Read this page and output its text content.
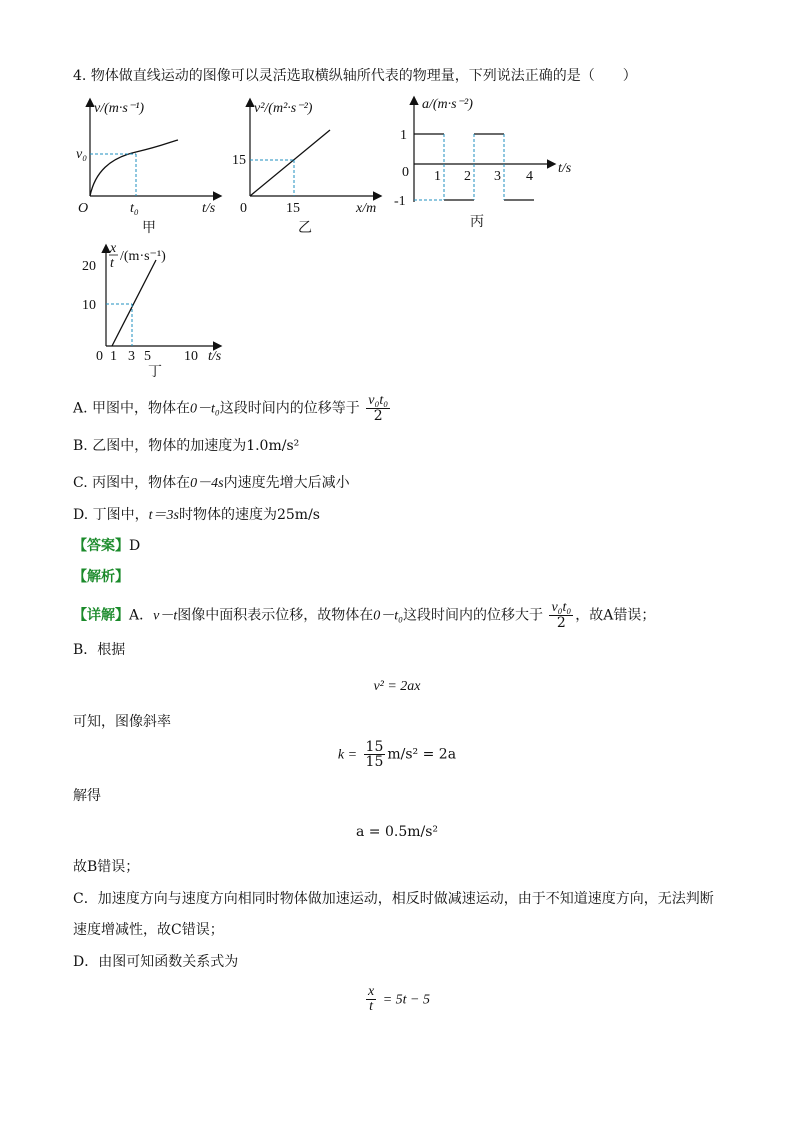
4. 物体做直线运动的图像可以灵活选取横纵轴所代表的物理量，下列说法正确的是（　　）
v/(m·s⁻¹)
v₀
O	t₀	t/s
甲
v²/(m²·s⁻²)
15
0	15	x/m
乙
a/(m·s⁻²)
1
-1
0 1 2 3 4
t/s
丙
x
t /(m·s⁻¹)
20
10
0 1 3 5 10 t/s
丁
A. 甲图中，物体在0－t₀这段时间内的位移等于 $\frac{\text{v₀t₀}}{2}$
B. 乙图中，物体的加速度为1.0m/s²
C. 丙图中，物体在0－4s内速度先增大后减小
D. 丁图中，t＝3s时物体的速度为25m/s
【答案】D
【解析】
【详解】A．v－t图像中面积表示位移，故物体在0－t₀这段时间内的位移大于 $\frac{\text{v₀t₀}}{2}$ ，故A错误；
B．根据
v² = 2ax
可知，图像斜率
$k = \frac{15}{15} m/s^2 = 2a$
解得
a = 0.5m/s²
故B错误；
C．加速度方向与速度方向相同时物体做加速运动，相反时做减速运动，由于不知道速度方向，无法判断
速度增减性，故C错误；
D．由图可知函数关系式为
$\frac{x}{t} = 5t - 5$
